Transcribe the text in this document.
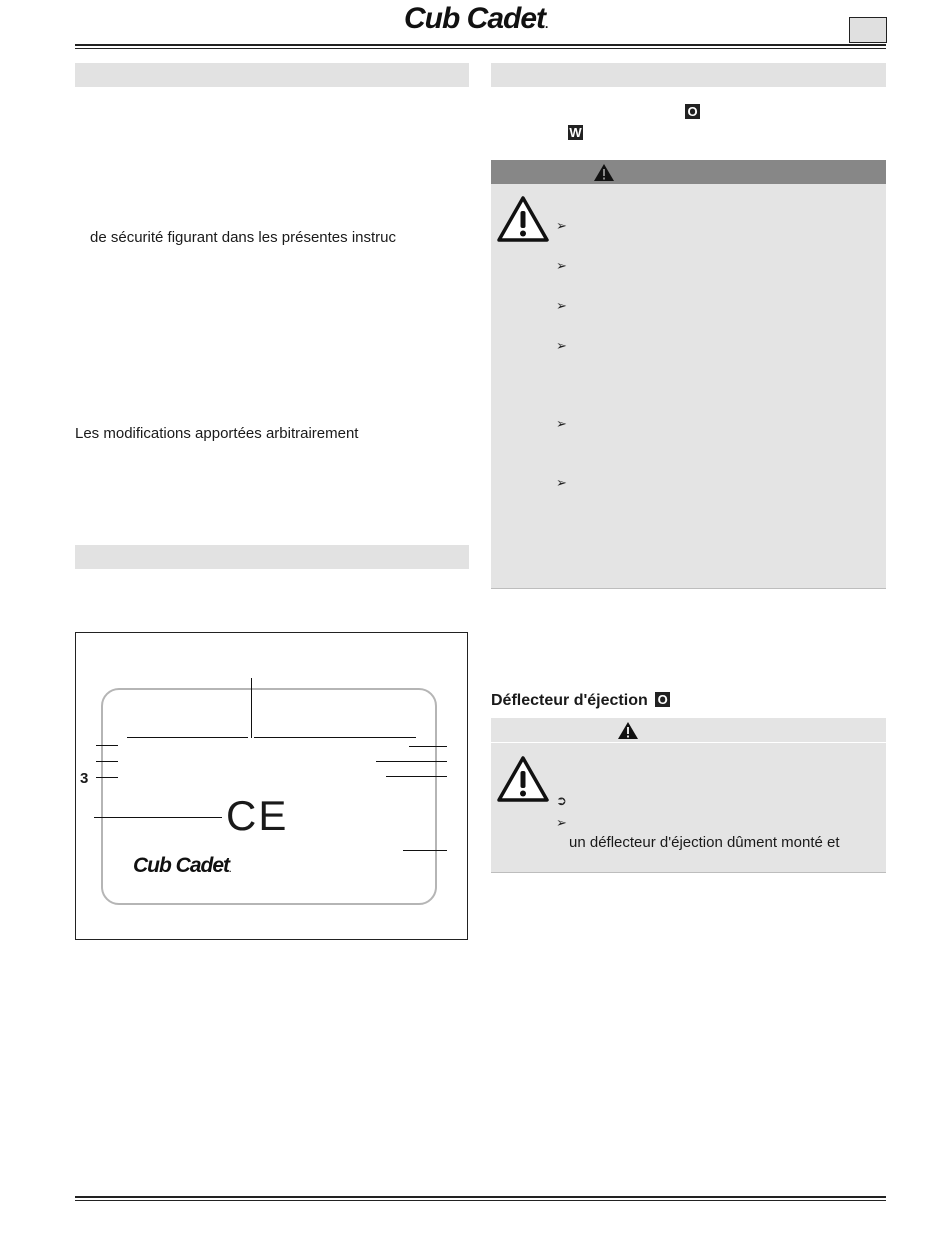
Cub Cadet.
de sécurité figurant dans les présentes instruc
Les modifications apportées arbitrairement
3
CE
Cub Cadet.
O
W
➢
➢
➢
➢
➢
➢
Déflecteur d'éjection O
➲
➢
un déflecteur d'éjection dûment monté et
